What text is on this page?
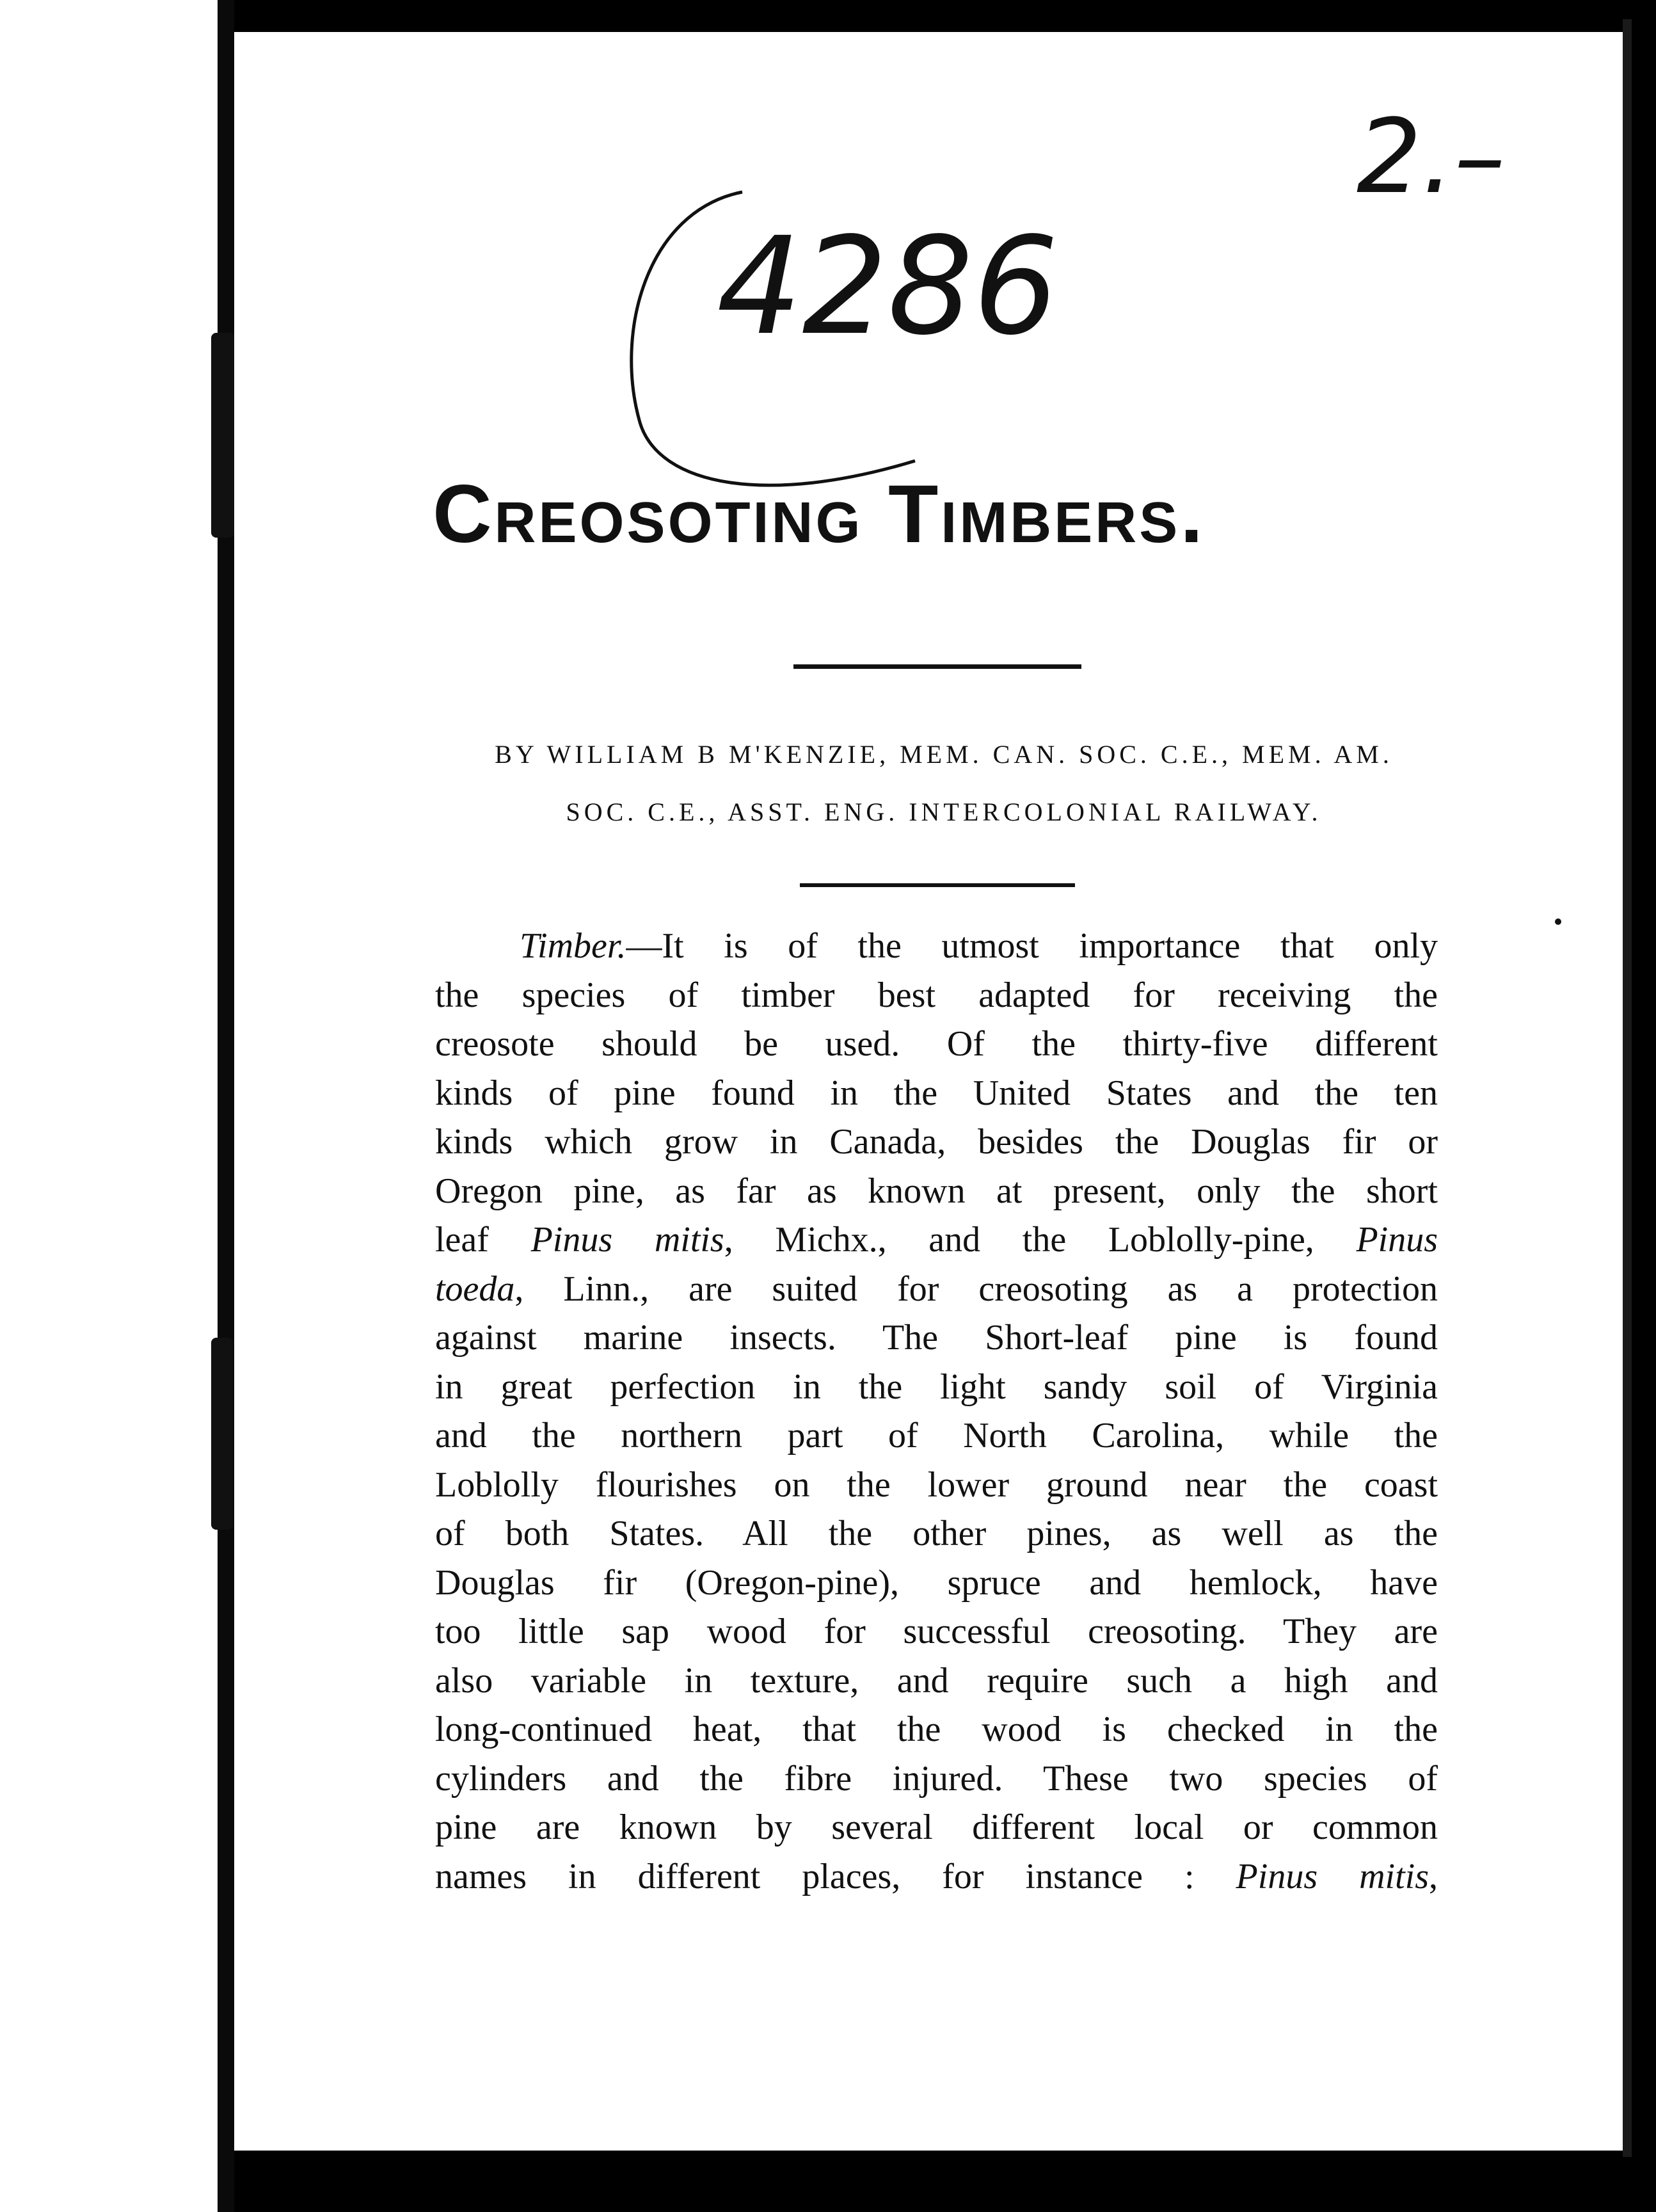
4286
2.–
Creosoting Timbers.
BY WILLIAM B M'KENZIE, MEM. CAN. SOC. C.E., MEM. AM.
SOC. C.E., ASST. ENG. INTERCOLONIAL RAILWAY.
Timber.—It is of the utmost importance that only
the species of timber best adapted for receiving the
creosote should be used. Of the thirty-five different
kinds of pine found in the United States and the ten
kinds which grow in Canada, besides the Douglas fir or
Oregon pine, as far as known at present, only the short
leaf Pinus mitis, Michx., and the Loblolly-pine, Pinus
toeda, Linn., are suited for creosoting as a protection
against marine insects. The Short-leaf pine is found
in great perfection in the light sandy soil of Virginia
and the northern part of North Carolina, while the
Loblolly flourishes on the lower ground near the coast
of both States. All the other pines, as well as the
Douglas fir (Oregon-pine), spruce and hemlock, have
too little sap wood for successful creosoting. They are
also variable in texture, and require such a high and
long-continued heat, that the wood is checked in the
cylinders and the fibre injured. These two species of
pine are known by several different local or common
names in different places, for instance : Pinus mitis,
